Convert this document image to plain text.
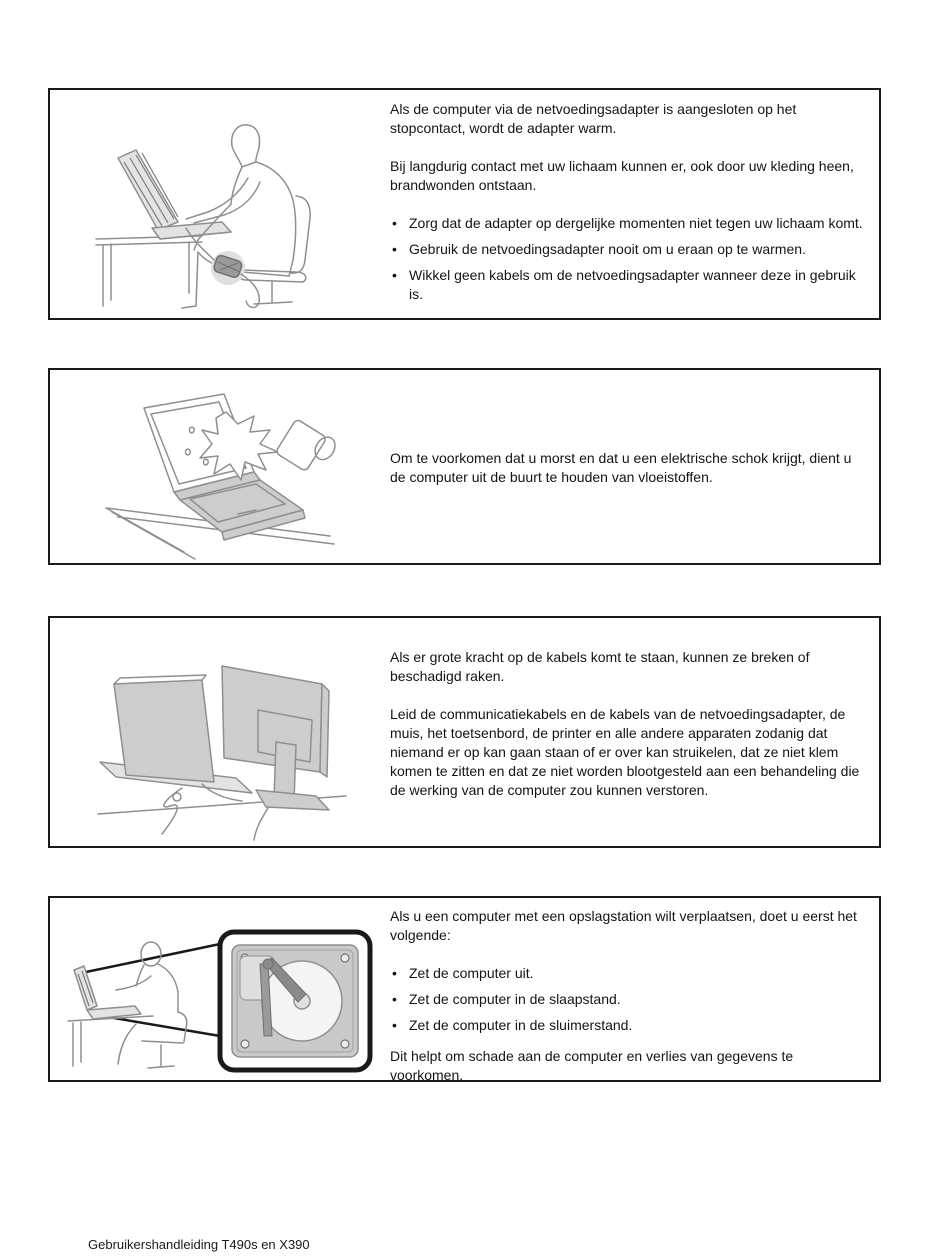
Als de computer via de netvoedingsadapter is aangesloten op het stopcontact, wordt de adapter warm.

Bij langdurig contact met uw lichaam kunnen er, ook door uw kleding heen, brandwonden ontstaan.

• Zorg dat de adapter op dergelijke momenten niet tegen uw lichaam komt.
• Gebruik de netvoedingsadapter nooit om u eraan op te warmen.
• Wikkel geen kabels om de netvoedingsadapter wanneer deze in gebruik is.

Om te voorkomen dat u morst en dat u een elektrische schok krijgt, dient u de computer uit de buurt te houden van vloeistoffen.

Als er grote kracht op de kabels komt te staan, kunnen ze breken of beschadigd raken.

Leid de communicatiekabels en de kabels van de netvoedingsadapter, de muis, het toetsenbord, de printer en alle andere apparaten zodanig dat niemand er op kan gaan staan of er over kan struikelen, dat ze niet klem komen te zitten en dat ze niet worden blootgesteld aan een behandeling die de werking van de computer zou kunnen verstoren.

Als u een computer met een opslagstation wilt verplaatsen, doet u eerst het volgende:

• Zet de computer uit.
• Zet de computer in de slaapstand.
• Zet de computer in de sluimerstand.

Dit helpt om schade aan de computer en verlies van gegevens te voorkomen.

Gebruikershandleiding T490s en X390
